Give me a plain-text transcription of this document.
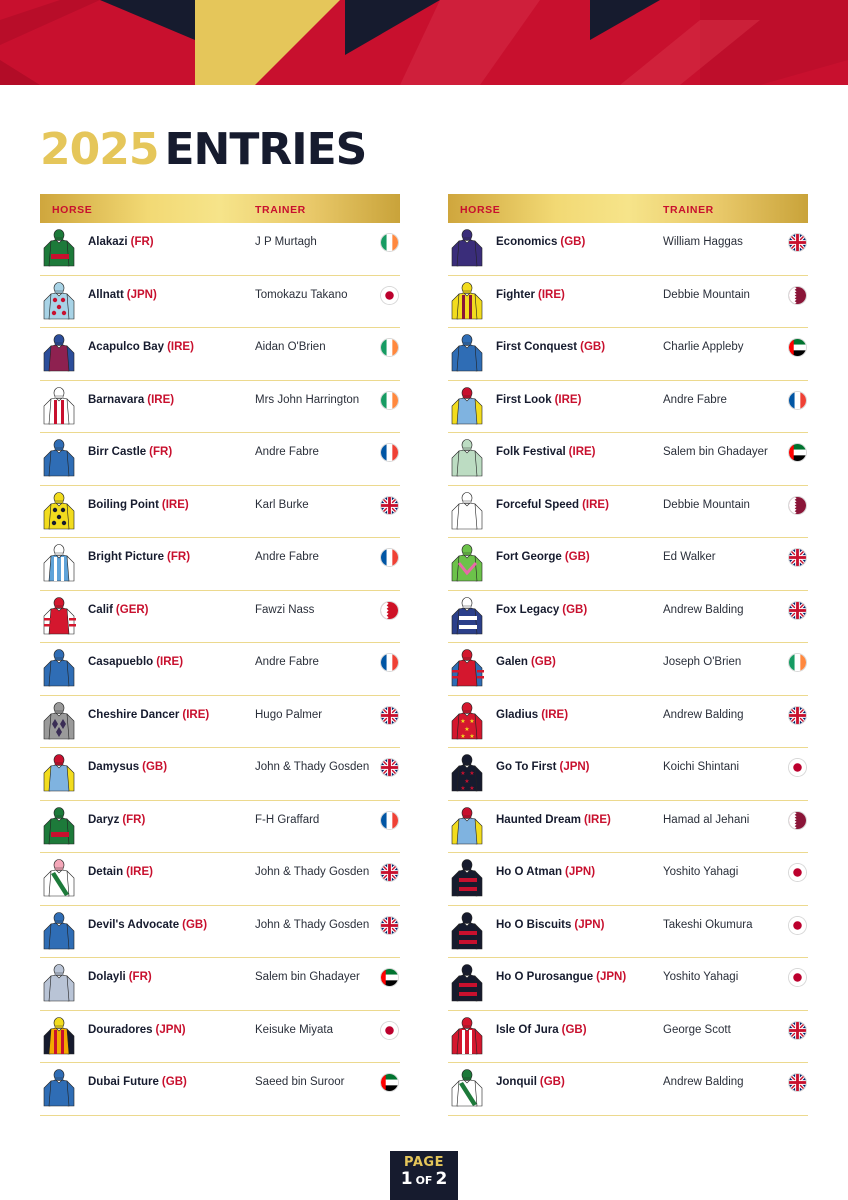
2025 ENTRIES
HORSE	TRAINER
Alakazi (FR)	J P Murtagh
Allnatt (JPN)	Tomokazu Takano
Acapulco Bay (IRE)	Aidan O'Brien
Barnavara (IRE)	Mrs John Harrington
Birr Castle (FR)	Andre Fabre
Boiling Point (IRE)	Karl Burke
Bright Picture (FR)	Andre Fabre
Calif (GER)	Fawzi Nass
Casapueblo (IRE)	Andre Fabre
Cheshire Dancer (IRE)	Hugo Palmer
Damysus (GB)	John & Thady Gosden
Daryz (FR)	F-H Graffard
Detain (IRE)	John & Thady Gosden
Devil's Advocate (GB)	John & Thady Gosden
Dolayli (FR)	Salem bin Ghadayer
Douradores (JPN)	Keisuke Miyata
Dubai Future (GB)	Saeed bin Suroor
HORSE	TRAINER
Economics (GB)	William Haggas
Fighter (IRE)	Debbie Mountain
First Conquest (GB)	Charlie Appleby
First Look (IRE)	Andre Fabre
Folk Festival (IRE)	Salem bin Ghadayer
Forceful Speed (IRE)	Debbie Mountain
Fort George (GB)	Ed Walker
Fox Legacy (GB)	Andrew Balding
Galen (GB)	Joseph O'Brien
★ ★
★
★ ★
Gladius (IRE)	Andrew Balding
★ ★
★
★ ★
Go To First (JPN)	Koichi Shintani
Haunted Dream (IRE)	Hamad al Jehani
Ho O Atman (JPN)	Yoshito Yahagi
Ho O Biscuits (JPN)	Takeshi Okumura
Ho O Purosangue (JPN)	Yoshito Yahagi
Isle Of Jura (GB)	George Scott
Jonquil (GB)	Andrew Balding
PAGE
1 OF 2
